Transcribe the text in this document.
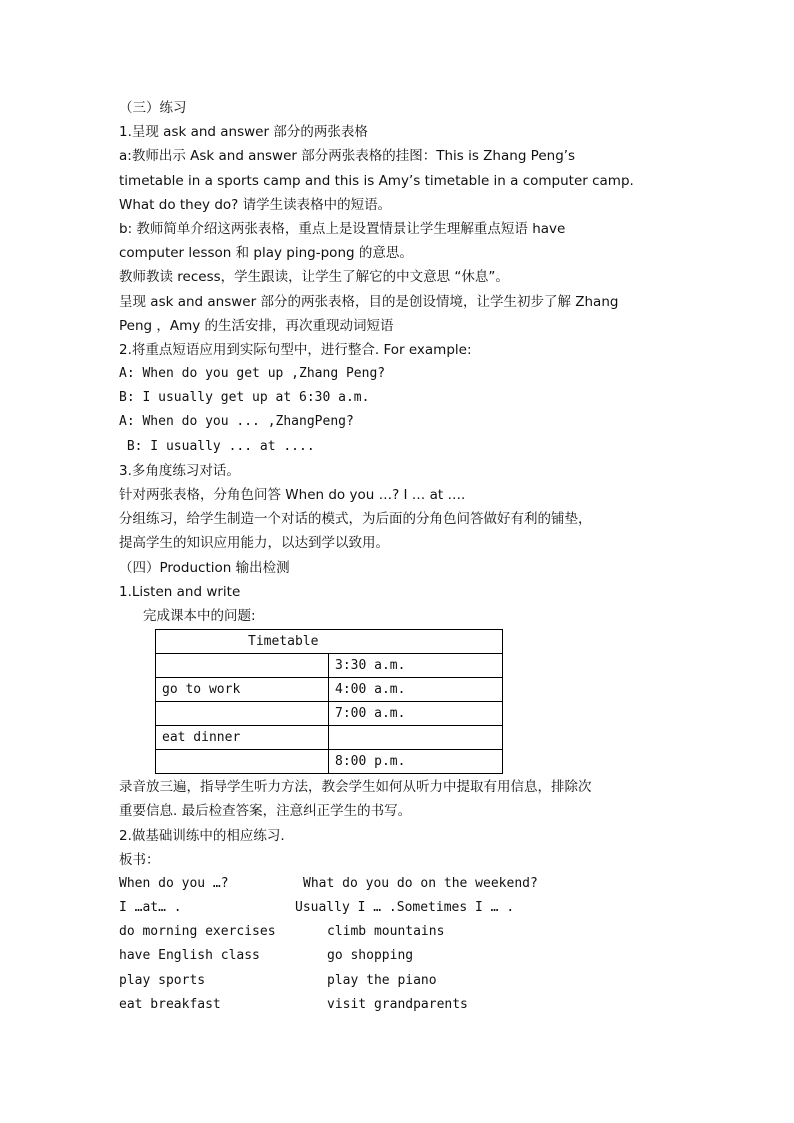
（三）练习
1.呈现 ask and answer 部分的两张表格
a:教师出示 Ask and answer 部分两张表格的挂图：This is Zhang Peng’s
timetable in a sports camp and this is Amy’s timetable in a computer camp.
What do they do? 请学生读表格中的短语。
b: 教师简单介绍这两张表格，重点上是设置情景让学生理解重点短语 have
computer lesson 和 play ping-pong 的意思。
教师教读 recess，学生跟读，让学生了解它的中文意思 “休息”。
呈现 ask and answer 部分的两张表格，目的是创设情境，让学生初步了解 Zhang
Peng ，Amy 的生活安排，再次重现动词短语
2.将重点短语应用到实际句型中，进行整合. For example:
A: When do you get up ,Zhang Peng?
B: I usually get up at 6:30 a.m.
A: When do you ... ,ZhangPeng?
B: I usually ... at ....
3.多角度练习对话。
针对两张表格，分角色问答 When do you …? I … at ….
分组练习，给学生制造一个对话的模式，为后面的分角色问答做好有利的铺垫，
提高学生的知识应用能力，以达到学以致用。
（四）Production 输出检测
1.Listen and write
完成课本中的问题:
Timetable	
	3:30 a.m.
go to work	4:00 a.m.
	7:00 a.m.
eat dinner	
	8:00 p.m.
录音放三遍，指导学生听力方法，教会学生如何从听力中提取有用信息，排除次
重要信息. 最后检查答案，注意纠正学生的书写。
2.做基础训练中的相应练习.
板书：
When do you …?	What do you do on the weekend?
I …at… .	Usually I … .Sometimes I … .
do morning exercises	climb mountains
have English class	go shopping
play sports	play the piano
eat breakfast	visit grandparents
